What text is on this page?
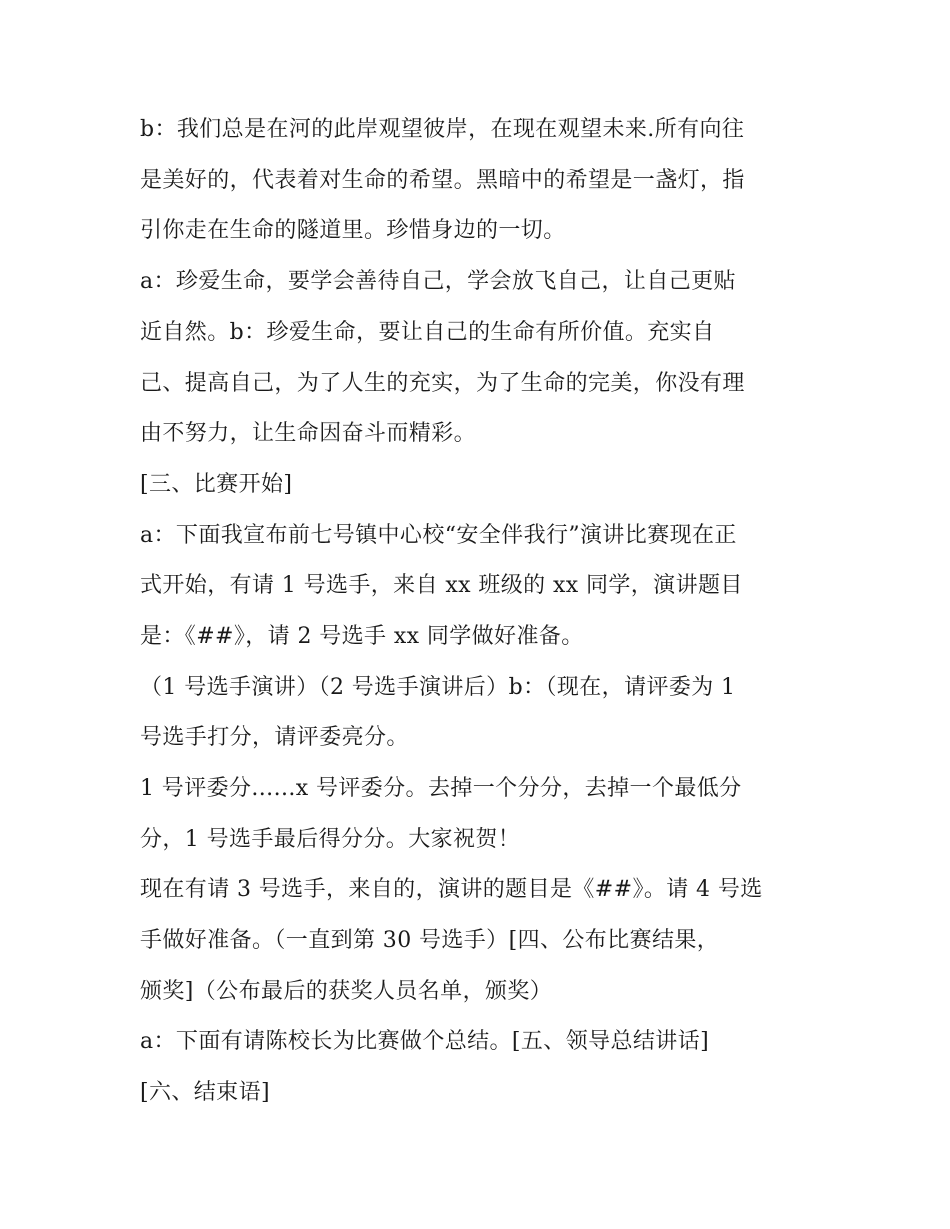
b：我们总是在河的此岸观望彼岸，在现在观望未来.所有向往
是美好的，代表着对生命的希望。黑暗中的希望是一盏灯，指
引你走在生命的隧道里。珍惜身边的一切。
a：珍爱生命，要学会善待自己，学会放飞自己，让自己更贴
近自然。b：珍爱生命，要让自己的生命有所价值。充实自
己、提高自己，为了人生的充实，为了生命的完美，你没有理
由不努力，让生命因奋斗而精彩。
[三、比赛开始]
a：下面我宣布前七号镇中心校“安全伴我行”演讲比赛现在正
式开始，有请 1 号选手，来自 xx 班级的 xx 同学，演讲题目
是：《##》，请 2 号选手 xx 同学做好准备。
（1 号选手演讲）（2 号选手演讲后）b：（现在，请评委为 1
号选手打分，请评委亮分。
1 号评委分......x 号评委分。去掉一个分分，去掉一个最低分
分，1 号选手最后得分分。大家祝贺！
现在有请 3 号选手，来自的，演讲的题目是《##》。请 4 号选
手做好准备。（一直到第 30 号选手）[四、公布比赛结果，
颁奖]（公布最后的获奖人员名单，颁奖）
a：下面有请陈校长为比赛做个总结。[五、领导总结讲话]
[六、结束语]
